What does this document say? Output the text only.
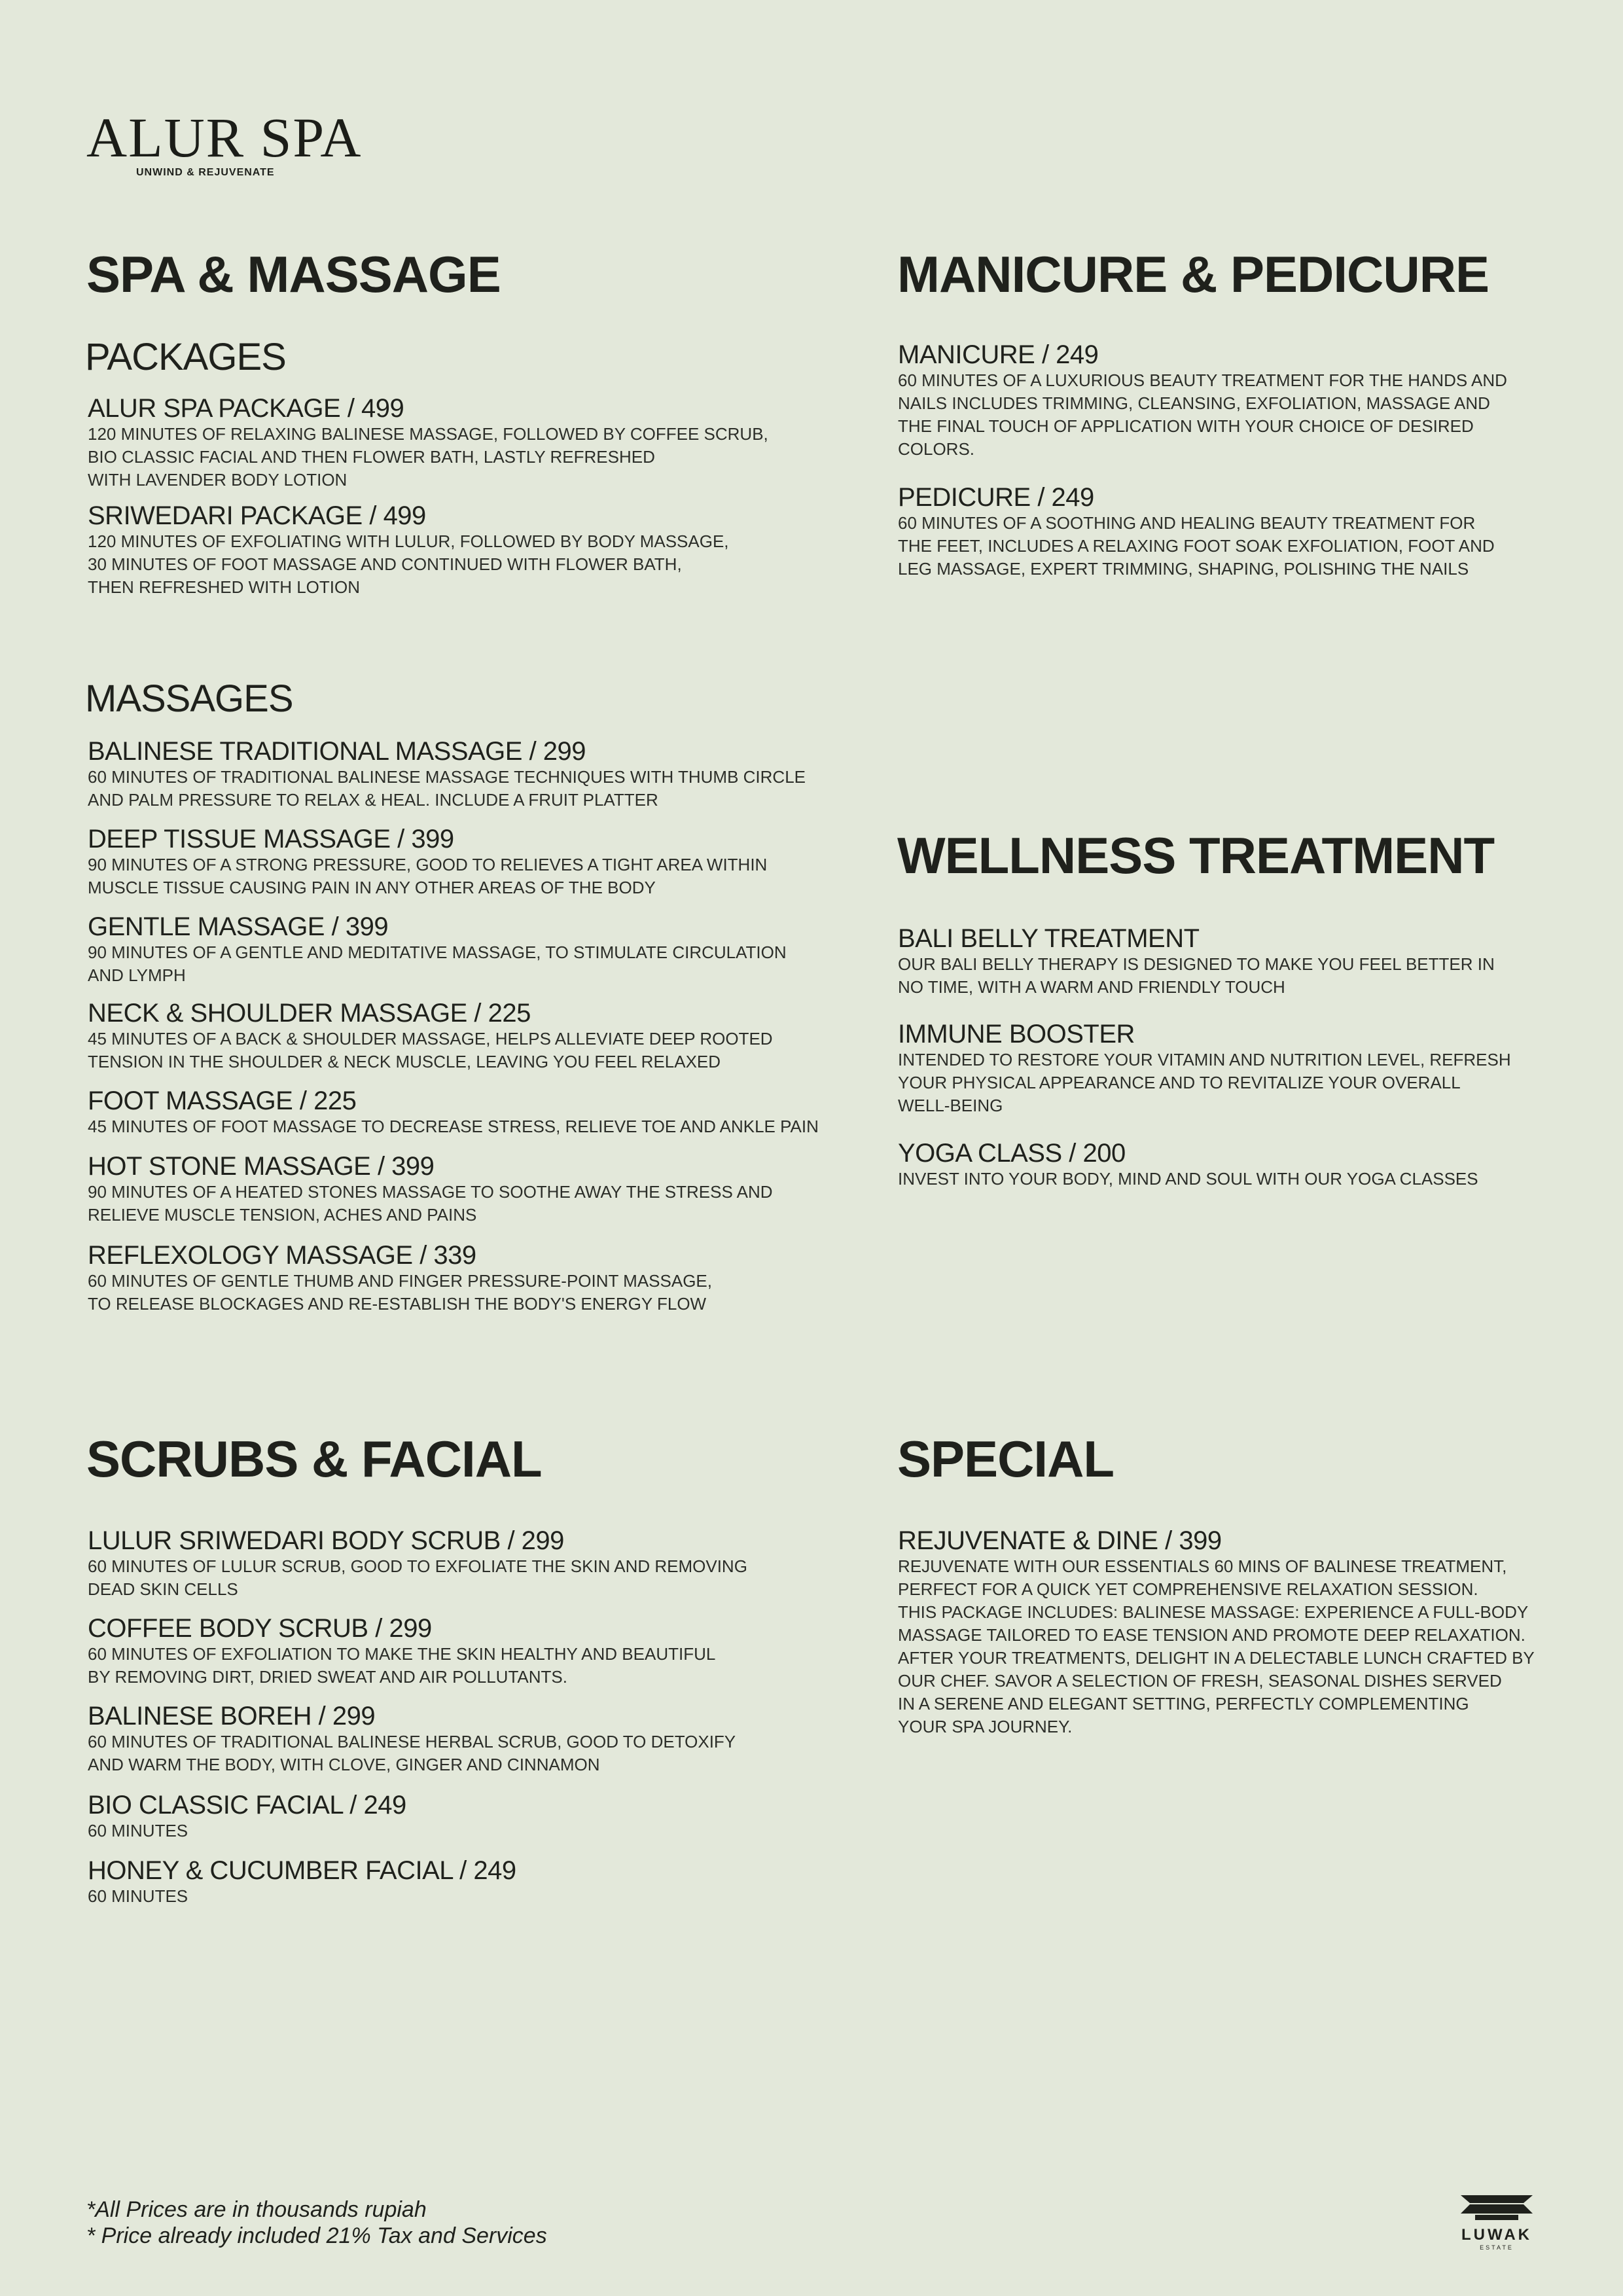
ALUR SPA
UNWIND & REJUVENATE
SPA & MASSAGE
PACKAGES
ALUR SPA PACKAGE / 499
120 MINUTES OF RELAXING BALINESE MASSAGE, FOLLOWED BY COFFEE SCRUB,
BIO CLASSIC FACIAL AND THEN FLOWER BATH, LASTLY REFRESHED
WITH LAVENDER BODY LOTION
SRIWEDARI PACKAGE / 499
120 MINUTES OF EXFOLIATING WITH LULUR, FOLLOWED BY BODY MASSAGE,
30 MINUTES OF FOOT MASSAGE AND CONTINUED WITH FLOWER BATH,
THEN REFRESHED WITH LOTION
MASSAGES
BALINESE TRADITIONAL MASSAGE / 299
60 MINUTES OF TRADITIONAL BALINESE MASSAGE TECHNIQUES WITH THUMB CIRCLE
AND PALM PRESSURE TO RELAX & HEAL. INCLUDE A FRUIT PLATTER
DEEP TISSUE MASSAGE / 399
90 MINUTES OF A STRONG PRESSURE, GOOD TO RELIEVES A TIGHT AREA WITHIN
MUSCLE TISSUE CAUSING PAIN IN ANY OTHER AREAS OF THE BODY
GENTLE MASSAGE / 399
90 MINUTES OF A GENTLE AND MEDITATIVE MASSAGE, TO STIMULATE CIRCULATION
AND LYMPH
NECK & SHOULDER MASSAGE / 225
45 MINUTES OF A BACK & SHOULDER MASSAGE, HELPS ALLEVIATE DEEP ROOTED
TENSION IN THE SHOULDER & NECK MUSCLE, LEAVING YOU FEEL RELAXED
FOOT MASSAGE / 225
45 MINUTES OF FOOT MASSAGE TO DECREASE STRESS, RELIEVE TOE AND ANKLE PAIN
HOT STONE MASSAGE / 399
90 MINUTES OF A HEATED STONES MASSAGE TO SOOTHE AWAY THE STRESS AND
RELIEVE MUSCLE TENSION, ACHES AND PAINS
REFLEXOLOGY MASSAGE / 339
60 MINUTES OF GENTLE THUMB AND FINGER PRESSURE-POINT MASSAGE,
TO RELEASE BLOCKAGES AND RE-ESTABLISH THE BODY'S ENERGY FLOW
MANICURE & PEDICURE
MANICURE / 249
60 MINUTES OF A LUXURIOUS BEAUTY TREATMENT FOR THE HANDS AND
NAILS INCLUDES TRIMMING, CLEANSING, EXFOLIATION, MASSAGE AND
THE FINAL TOUCH OF APPLICATION WITH YOUR CHOICE OF DESIRED
COLORS.
PEDICURE / 249
60 MINUTES OF A SOOTHING AND HEALING BEAUTY TREATMENT FOR
THE FEET, INCLUDES A RELAXING FOOT SOAK EXFOLIATION, FOOT AND
LEG MASSAGE, EXPERT TRIMMING, SHAPING, POLISHING THE NAILS
WELLNESS TREATMENT
BALI BELLY TREATMENT
OUR BALI BELLY THERAPY IS DESIGNED TO MAKE YOU FEEL BETTER IN
NO TIME, WITH A WARM AND FRIENDLY TOUCH
IMMUNE BOOSTER
INTENDED TO RESTORE YOUR VITAMIN AND NUTRITION LEVEL, REFRESH
YOUR PHYSICAL APPEARANCE AND TO REVITALIZE YOUR OVERALL
WELL-BEING
YOGA CLASS / 200
INVEST INTO YOUR BODY, MIND AND SOUL WITH OUR YOGA CLASSES
SCRUBS & FACIAL
LULUR SRIWEDARI BODY SCRUB / 299
60 MINUTES OF LULUR SCRUB, GOOD TO EXFOLIATE THE SKIN AND REMOVING
DEAD SKIN CELLS
COFFEE BODY SCRUB / 299
60 MINUTES OF EXFOLIATION TO MAKE THE SKIN HEALTHY AND BEAUTIFUL
BY REMOVING DIRT, DRIED SWEAT AND AIR POLLUTANTS.
BALINESE BOREH / 299
60 MINUTES OF TRADITIONAL BALINESE HERBAL SCRUB, GOOD TO DETOXIFY
AND WARM THE BODY, WITH CLOVE, GINGER AND CINNAMON
BIO CLASSIC FACIAL / 249
60 MINUTES
HONEY & CUCUMBER FACIAL / 249
60 MINUTES
SPECIAL
REJUVENATE & DINE / 399
REJUVENATE WITH OUR ESSENTIALS 60 MINS OF BALINESE TREATMENT,
PERFECT FOR A QUICK YET COMPREHENSIVE RELAXATION SESSION.
THIS PACKAGE INCLUDES: BALINESE MASSAGE: EXPERIENCE A FULL-BODY
MASSAGE TAILORED TO EASE TENSION AND PROMOTE DEEP RELAXATION.
AFTER YOUR TREATMENTS, DELIGHT IN A DELECTABLE LUNCH CRAFTED BY
OUR CHEF. SAVOR A SELECTION OF FRESH, SEASONAL DISHES SERVED
IN A SERENE AND ELEGANT SETTING, PERFECTLY COMPLEMENTING
YOUR SPA JOURNEY.
*All Prices are in thousands rupiah
* Price already included 21% Tax and Services	LUWAK
ESTATE
